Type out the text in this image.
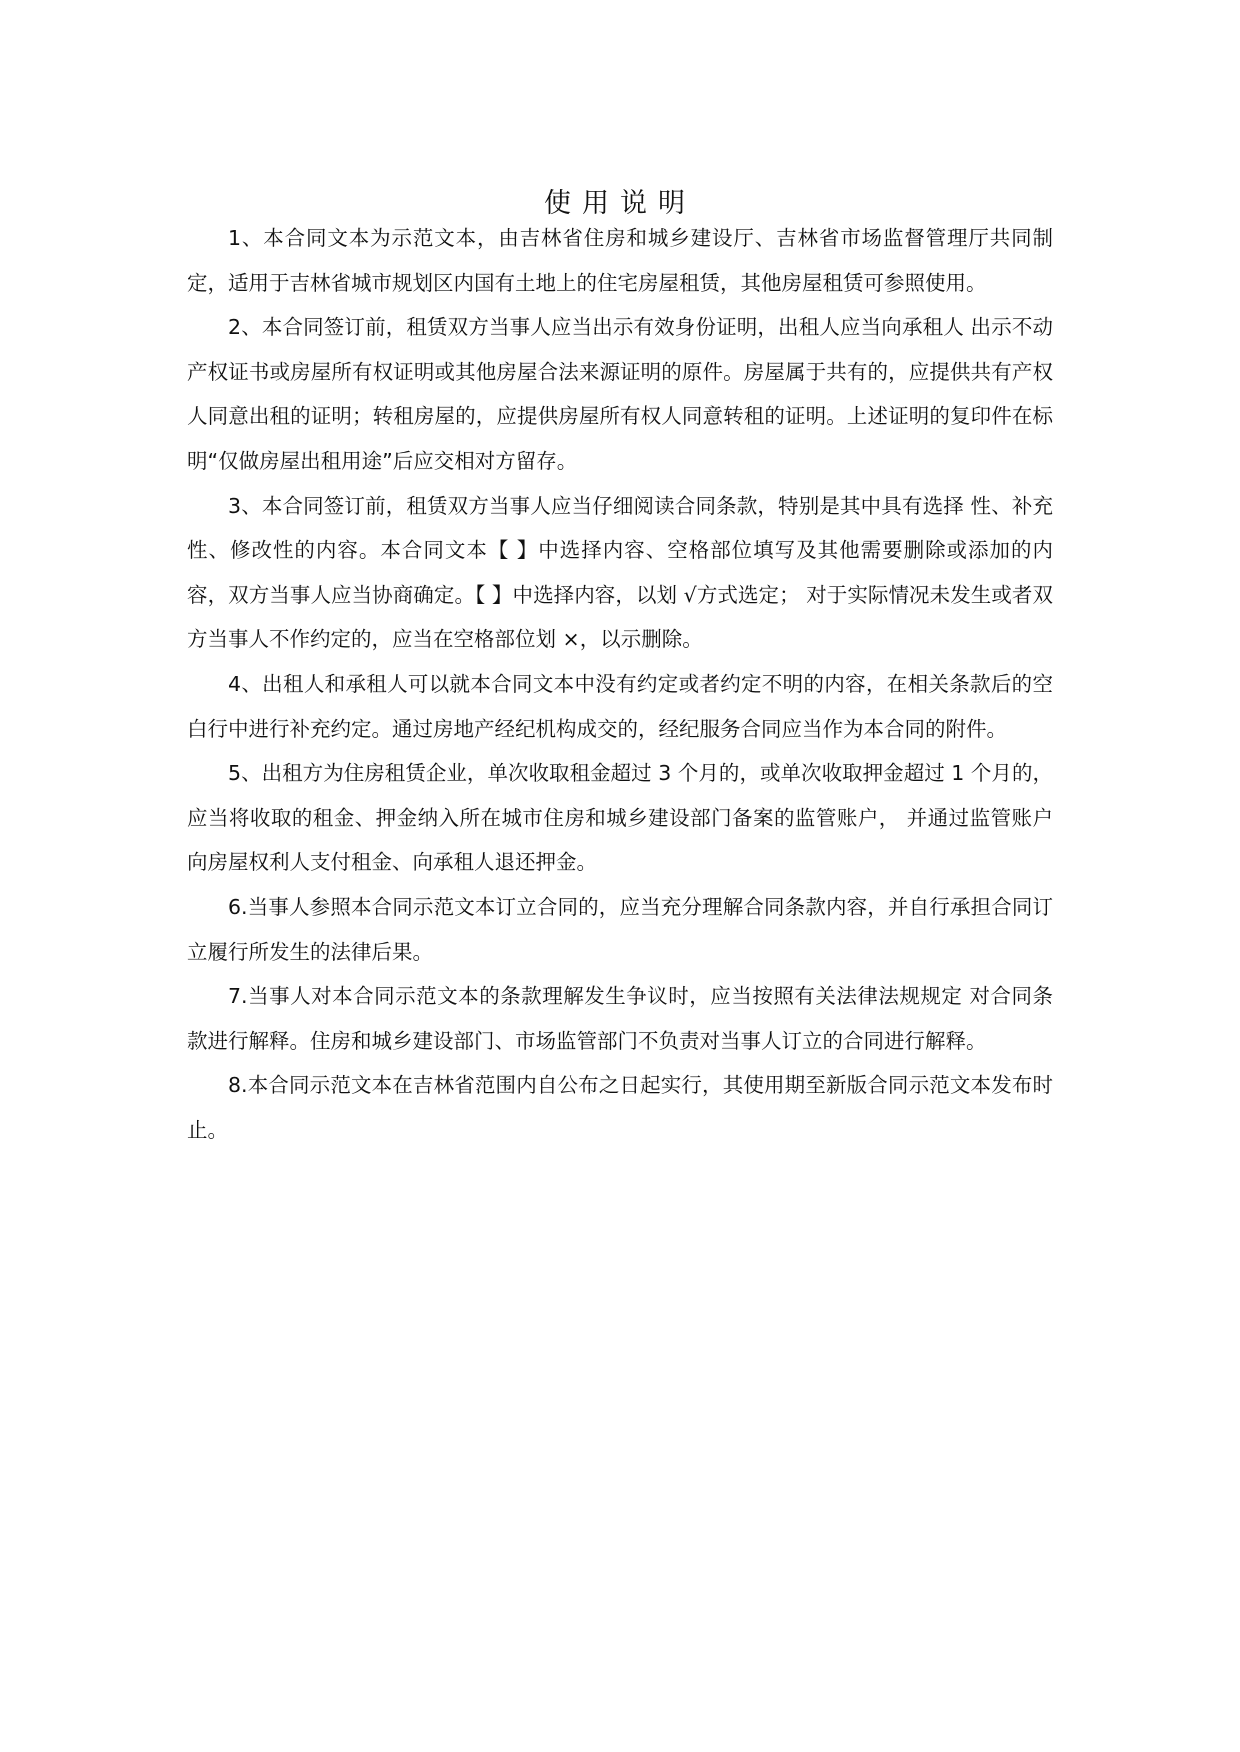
使用说明

1、本合同文本为示范文本，由吉林省住房和城乡建设厅、吉林省市场监督管理厅共同制定，适用于吉林省城市规划区内国有土地上的住宅房屋租赁，其他房屋租赁可参照使用。

2、本合同签订前，租赁双方当事人应当出示有效身份证明，出租人应当向承租人 出示不动产权证书或房屋所有权证明或其他房屋合法来源证明的原件。房屋属于共有的，应提供共有产权人同意出租的证明；转租房屋的，应提供房屋所有权人同意转租的证明。上述证明的复印件在标明“仅做房屋出租用途”后应交相对方留存。

3、本合同签订前，租赁双方当事人应当仔细阅读合同条款，特别是其中具有选择 性、补充性、修改性的内容。本合同文本【 】中选择内容、空格部位填写及其他需要删除或添加的内容，双方当事人应当协商确定。【 】中选择内容，以划 √方式选定； 对于实际情况未发生或者双方当事人不作约定的，应当在空格部位划 ×，以示删除。

4、出租人和承租人可以就本合同文本中没有约定或者约定不明的内容，在相关条款后的空白行中进行补充约定。通过房地产经纪机构成交的，经纪服务合同应当作为本合同的附件。

5、出租方为住房租赁企业，单次收取租金超过 3 个月的，或单次收取押金超过 1 个月的，应当将收取的租金、押金纳入所在城市住房和城乡建设部门备案的监管账户， 并通过监管账户向房屋权利人支付租金、向承租人退还押金。

6.当事人参照本合同示范文本订立合同的，应当充分理解合同条款内容，并自行承担合同订立履行所发生的法律后果。

7.当事人对本合同示范文本的条款理解发生争议时，应当按照有关法律法规规定 对合同条款进行解释。住房和城乡建设部门、市场监管部门不负责对当事人订立的合同进行解释。

8.本合同示范文本在吉林省范围内自公布之日起实行，其使用期至新版合同示范文本发布时止。
